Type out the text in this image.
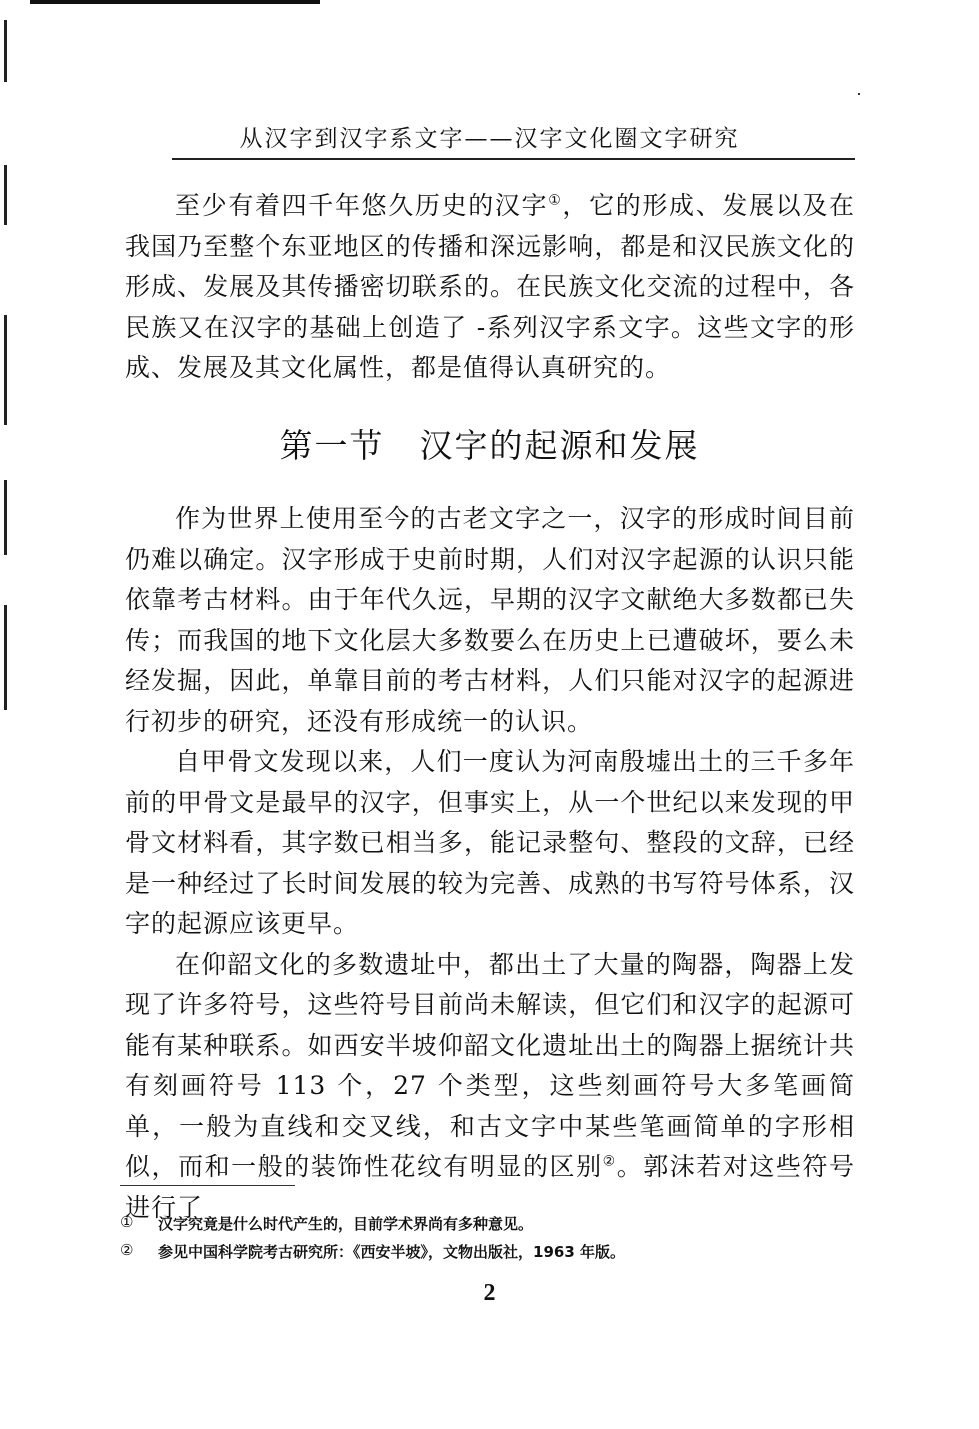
从汉字到汉字系文字——汉字文化圈文字研究

至少有着四千年悠久历史的汉字①，它的形成、发展以及在我国乃至整个东亚地区的传播和深远影响，都是和汉民族文化的形成、发展及其传播密切联系的。在民族文化交流的过程中，各民族又在汉字的基础上创造了 -系列汉字系文字。这些文字的形成、发展及其文化属性，都是值得认真研究的。

第一节　汉字的起源和发展

作为世界上使用至今的古老文字之一，汉字的形成时间目前仍难以确定。汉字形成于史前时期，人们对汉字起源的认识只能依靠考古材料。由于年代久远，早期的汉字文献绝大多数都已失传；而我国的地下文化层大多数要么在历史上已遭破坏，要么未经发掘，因此，单靠目前的考古材料，人们只能对汉字的起源进行初步的研究，还没有形成统一的认识。

自甲骨文发现以来，人们一度认为河南殷墟出土的三千多年前的甲骨文是最早的汉字，但事实上，从一个世纪以来发现的甲骨文材料看，其字数已相当多，能记录整句、整段的文辞，已经是一种经过了长时间发展的较为完善、成熟的书写符号体系，汉字的起源应该更早。

在仰韶文化的多数遗址中，都出土了大量的陶器，陶器上发现了许多符号，这些符号目前尚未解读，但它们和汉字的起源可能有某种联系。如西安半坡仰韶文化遗址出土的陶器上据统计共有刻画符号 113 个，27 个类型，这些刻画符号大多笔画简单，一般为直线和交叉线，和古文字中某些笔画简单的字形相似，而和一般的装饰性花纹有明显的区别②。郭沫若对这些符号进行了

①	汉字究竟是什么时代产生的，目前学术界尚有多种意见。
②	参见中国科学院考古研究所：《西安半坡》，文物出版社，1963 年版。
2
